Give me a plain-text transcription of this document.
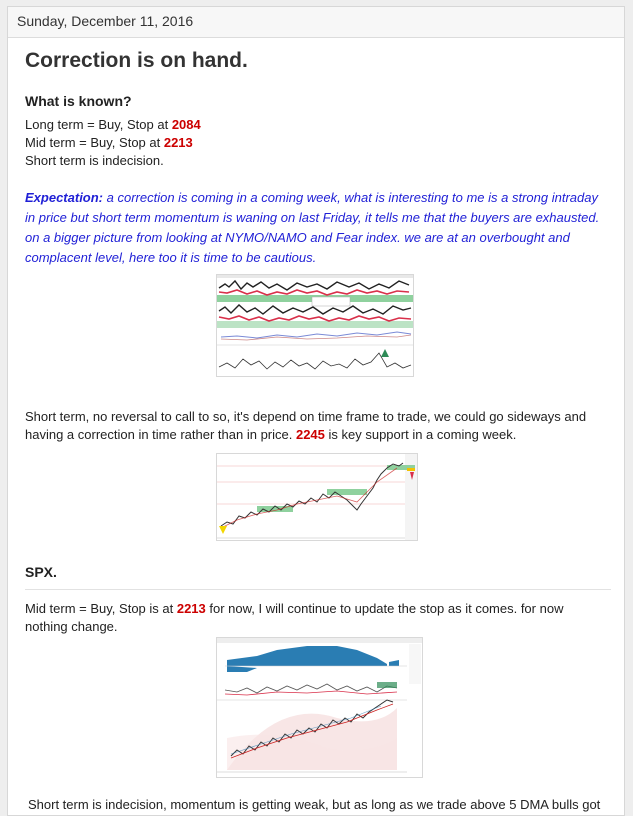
Sunday, December 11, 2016
Correction is on hand.
What is known?
Long term = Buy, Stop at 2084
Mid term = Buy, Stop at 2213
Short term is indecision.
Expectation: a correction is coming in a coming week, what is interesting to me is a strong intraday
in price but short term momentum is waning on last Friday, it tells me that the buyers are exhausted.
on a bigger picture from looking at NYMO/NAMO and Fear index. we are at an overbought and
complacent level, here too it is time to be cautious.
Short term, no reversal to call to so, it's depend on time frame to trade, we could go sideways and
having a correction in time rather than in price. 2245 is key support in a coming week.
SPX.
Mid term = Buy, Stop is at 2213 for now, I will continue to update the stop as it comes. for now
nothing change.
Short term is indecision, momentum is getting weak, but as long as we trade above 5 DMA bulls got
